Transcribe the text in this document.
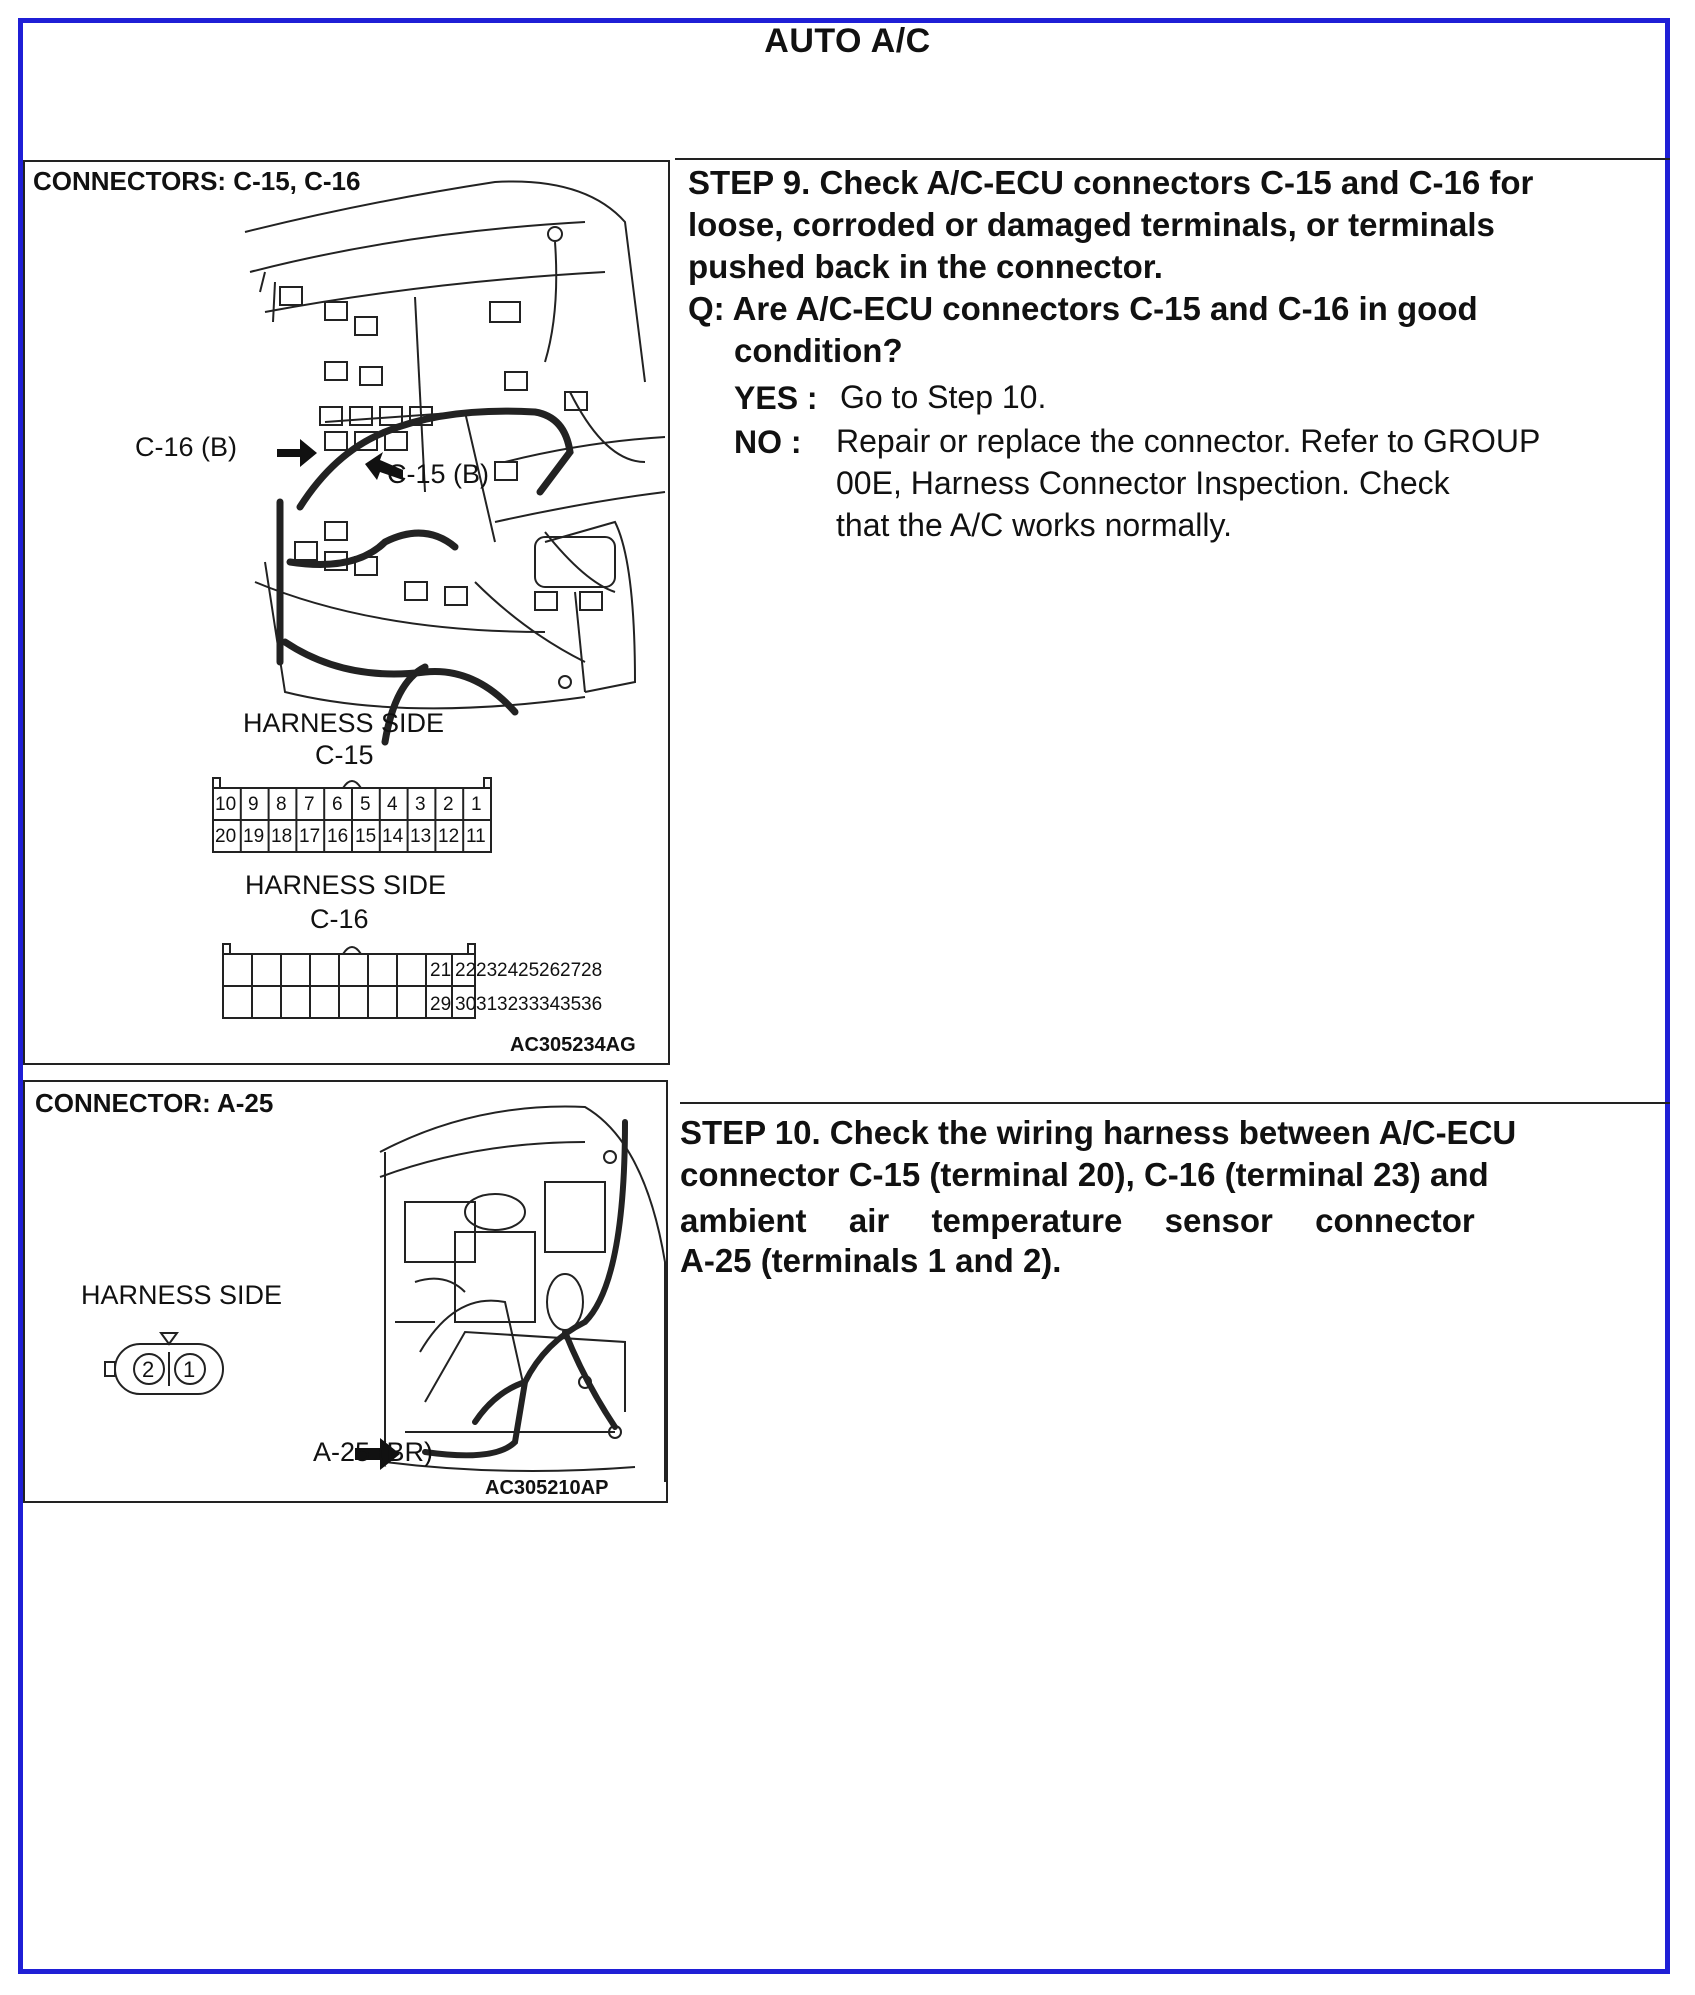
AUTO A/C
CONNECTORS: C-15, C-16
C-16 (B)
C-15 (B)
HARNESS SIDE
C-15
10 9 8 7 6 5 4 3 2 1
20 19 18 17 16 15 14 13 12 11
HARNESS SIDE
C-16
21 22 23 24 25 26 27 28
29 30 31 32 33 34 35 36
AC305234AG
STEP 9. Check A/C-ECU connectors C-15 and C-16 for
loose, corroded or damaged terminals, or terminals
pushed back in the connector.
Q: Are A/C-ECU connectors C-15 and C-16 in good
condition?
YES : Go to Step 10.
NO : Repair or replace the connector. Refer to GROUP
00E, Harness Connector Inspection. Check
that the A/C works normally.
CONNECTOR: A-25
HARNESS SIDE
2 1
A-25 (BR)
AC305210AP
STEP 10. Check the wiring harness between A/C-ECU
connector C-15 (terminal 20), C-16 (terminal 23) and
ambient  air  temperature  sensor  connector
A-25 (terminals 1 and 2).
